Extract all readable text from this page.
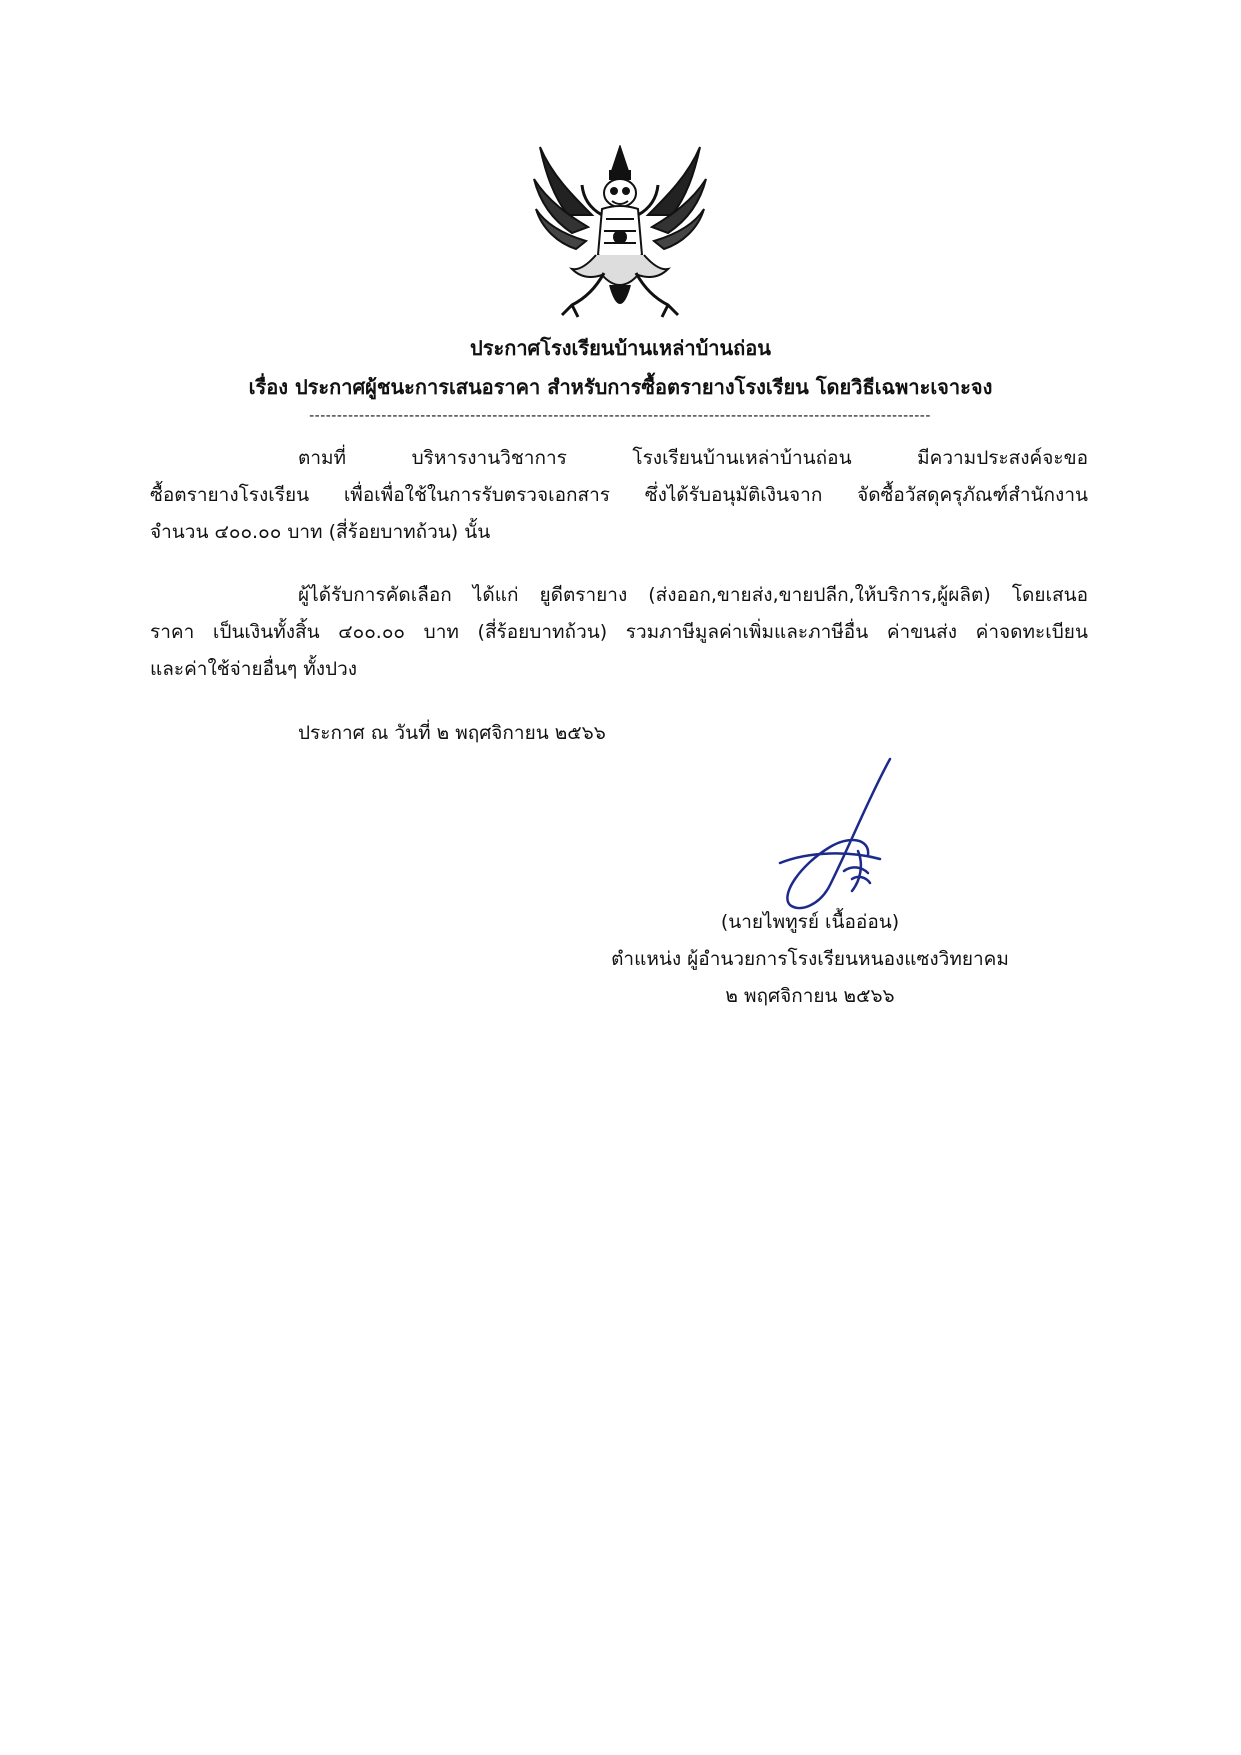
ประกาศโรงเรียนบ้านเหล่าบ้านถ่อน
เรื่อง ประกาศผู้ชนะการเสนอราคา สำหรับการซื้อตรายางโรงเรียน โดยวิธีเฉพาะเจาะจง
----------------------------------------------------------------------------------------------------------------
ตามที่	บริหารงานวิชาการ	โรงเรียนบ้านเหล่าบ้านถ่อน	มีความประสงค์จะขอ
ซื้อตรายางโรงเรียน เพื่อเพื่อใช้ในการรับตรวจเอกสาร ซึ่งได้รับอนุมัติเงินจาก จัดซื้อวัสดุครุภัณฑ์สำนักงาน
จำนวน ๔๐๐.๐๐ บาท (สี่ร้อยบาทถ้วน) นั้น
ผู้ได้รับการคัดเลือก ได้แก่ ยูดีตรายาง (ส่งออก,ขายส่ง,ขายปลีก,ให้บริการ,ผู้ผลิต) โดยเสนอ
ราคา เป็นเงินทั้งสิ้น ๔๐๐.๐๐ บาท (สี่ร้อยบาทถ้วน) รวมภาษีมูลค่าเพิ่มและภาษีอื่น ค่าขนส่ง ค่าจดทะเบียน
และค่าใช้จ่ายอื่นๆ ทั้งปวง
ประกาศ ณ วันที่ ๒ พฤศจิกายน ๒๕๖๖
(นายไพทูรย์ เนื้ออ่อน)
ตำแหน่ง ผู้อำนวยการโรงเรียนหนองแซงวิทยาคม
๒ พฤศจิกายน ๒๕๖๖
